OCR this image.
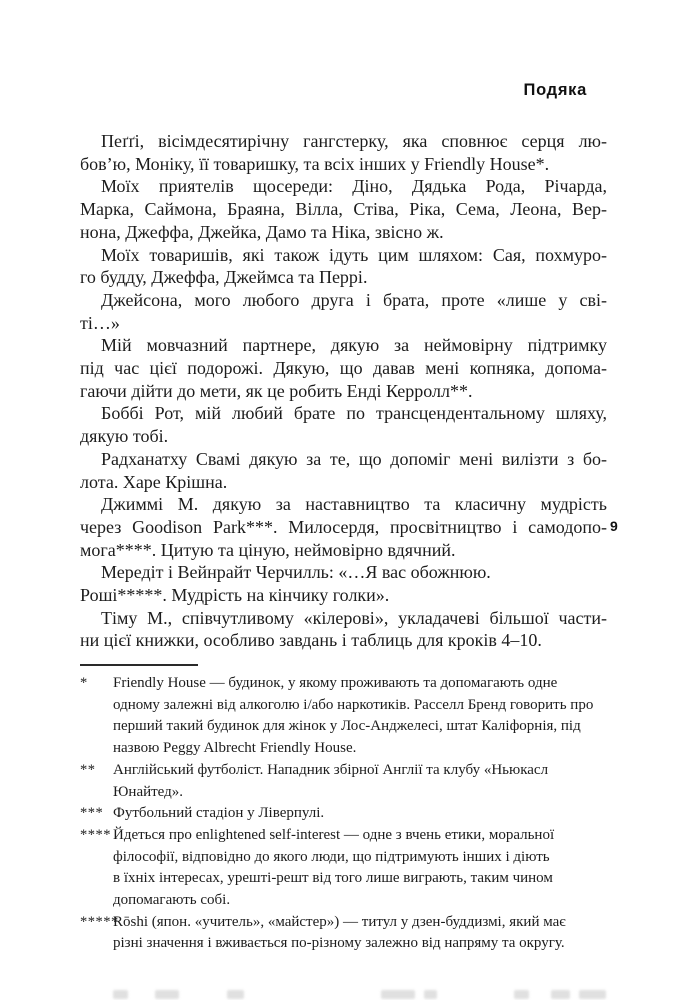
Подяка
9
Пеґґі, вісімдесятирічну гангстерку, яка сповнює серця лю-
бов’ю, Моніку, її товаришку, та всіх інших у Friendly House*.
Моїх приятелів щосереди: Діно, Дядька Рода, Річарда,
Марка, Саймона, Браяна, Вілла, Стіва, Ріка, Сема, Леона, Вер-
нона, Джеффа, Джейка, Дамо та Ніка, звісно ж.
Моїх товаришів, які також ідуть цим шляхом: Сая, похмуро-
го будду, Джеффа, Джеймса та Перрі.
Джейсона, мого любого друга і брата, проте «лише у сві-
ті…»
Мій мовчазний партнере, дякую за неймовірну підтримку
під час цієї подорожі. Дякую, що давав мені копняка, допома-
гаючи дійти до мети, як це робить Енді Керролл**.
Боббі Рот, мій любий брате по трансцендентальному шляху,
дякую тобі.
Радханатху Свамі дякую за те, що допоміг мені вилізти з бо-
лота. Харе Крішна.
Джиммі М. дякую за наставництво та класичну мудрість
через Goodison Park***. Милосердя, просвітництво і самодопо-
мога****. Цитую та ціную, неймовірно вдячний.
Мередіт і Вейнрайт Черчилль: «…Я вас обожнюю.
Роші*****. Мудрість на кінчику голки».
Тіму М., співчутливому «кілерові», укладачеві більшої части-
ни цієї книжки, особливо завдань і таблиць для кроків 4–10.
* Friendly House — будинок, у якому проживають та допомагають одне
одному залежні від алкоголю і/або наркотиків. Расселл Бренд говорить про
перший такий будинок для жінок у Лос-Анджелесі, штат Каліфорнія, під
назвою Peggy Albrecht Friendly House.
** Англійський футболіст. Нападник збірної Англії та клубу «Ньюкасл
Юнайтед».
*** Футбольний стадіон у Ліверпулі.
**** Йдеться про enlightened self-interest — одне з вчень етики, моральної
філософії, відповідно до якого люди, що підтримують інших і діють
в їхніх інтересах, урешті-решт від того лише виграють, таким чином
допомагають собі.
*****
Rōshi (япон. «учитель», «майстер») — титул у дзен-буддизмі, який має
різні значення і вживається по-різному залежно від напряму та округу.
